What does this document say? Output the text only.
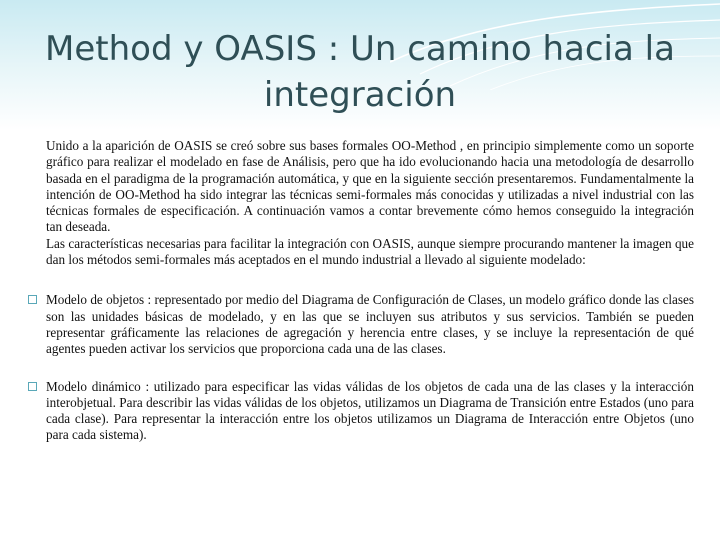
Method y OASIS : Un camino hacia la integración

Unido a la aparición de OASIS se creó sobre sus bases formales OO-Method , en principio simplemente como un soporte gráfico para realizar el modelado en fase de Análisis, pero que ha ido evolucionando hacia una metodología de desarrollo basada en el paradigma de la programación automática, y que en la siguiente sección presentaremos. Fundamentalmente la intención de OO-Method ha sido integrar las técnicas semi-formales más conocidas y utilizadas a nivel industrial con las técnicas formales de especificación. A continuación vamos a contar brevemente cómo hemos conseguido la integración tan deseada.

Las características necesarias para facilitar la integración con OASIS, aunque siempre procurando mantener la imagen que dan los métodos semi-formales más aceptados en el mundo industrial a llevado al siguiente modelado:

Modelo de objetos : representado por medio del Diagrama de Configuración de Clases, un modelo gráfico donde las clases son las unidades básicas de modelado, y en las que se incluyen sus atributos y sus servicios. También se pueden representar gráficamente las relaciones de agregación y herencia entre clases, y se incluye la representación de qué agentes pueden activar los servicios que proporciona cada una de las clases.
Modelo dinámico : utilizado para especificar las vidas válidas de los objetos de cada una de las clases y la interacción interobjetual. Para describir las vidas válidas de los objetos, utilizamos un Diagrama de Transición entre Estados (uno para cada clase). Para representar la interacción entre los objetos utilizamos un Diagrama de Interacción entre Objetos (uno para cada sistema).
